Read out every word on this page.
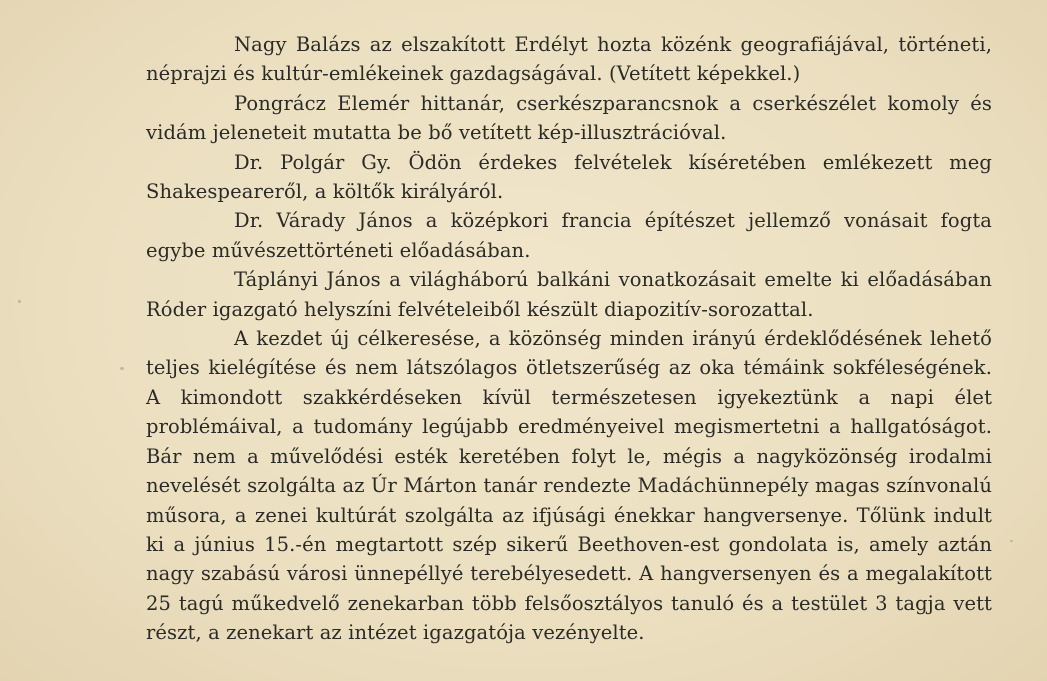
Nagy Balázs az elszakított Erdélyt hozta közénk geografiájával, történeti, néprajzi és kultúr-emlékeinek gazdagságával. (Vetített képekkel.)

Pongrácz Elemér hittanár, cserkészparancsnok a cserkészélet komoly és vidám jeleneteit mutatta be bő vetített kép-illusztrációval.

Dr. Polgár Gy. Ödön érdekes felvételek kíséretében emlékezett meg Shakespeareről, a költők királyáról.

Dr. Várady János a középkori francia építészet jellemző vonásait fogta egybe művészettörténeti előadásában.

Táplányi János a világháború balkáni vonatkozásait emelte ki előadásában Róder igazgató helyszíni felvételeiből készült diapozitív-sorozattal.

A kezdet új célkeresése, a közönség minden irányú érdeklődésének lehető teljes kielégítése és nem látszólagos ötletszerűség az oka témáink sokféleségének. A kimondott szakkérdéseken kívül természetesen igyekeztünk a napi élet problémáival, a tudomány legújabb eredményeivel megismertetni a hallgatóságot. Bár nem a művelődési esték keretében folyt le, mégis a nagyközönség irodalmi nevelését szolgálta az Úr Márton tanár rendezte Madáchünnepély magas színvonalú műsora, a zenei kultúrát szolgálta az ifjúsági énekkar hangversenye. Tőlünk indult ki a június 15.-én megtartott szép sikerű Beethoven-est gondolata is, amely aztán nagy szabású városi ünnepéllyé terebélyesedett. A hangversenyen és a megalakított 25 tagú műkedvelő zenekarban több felsőosztályos tanuló és a testület 3 tagja vett részt, a zenekart az intézet igazgatója vezényelte.
